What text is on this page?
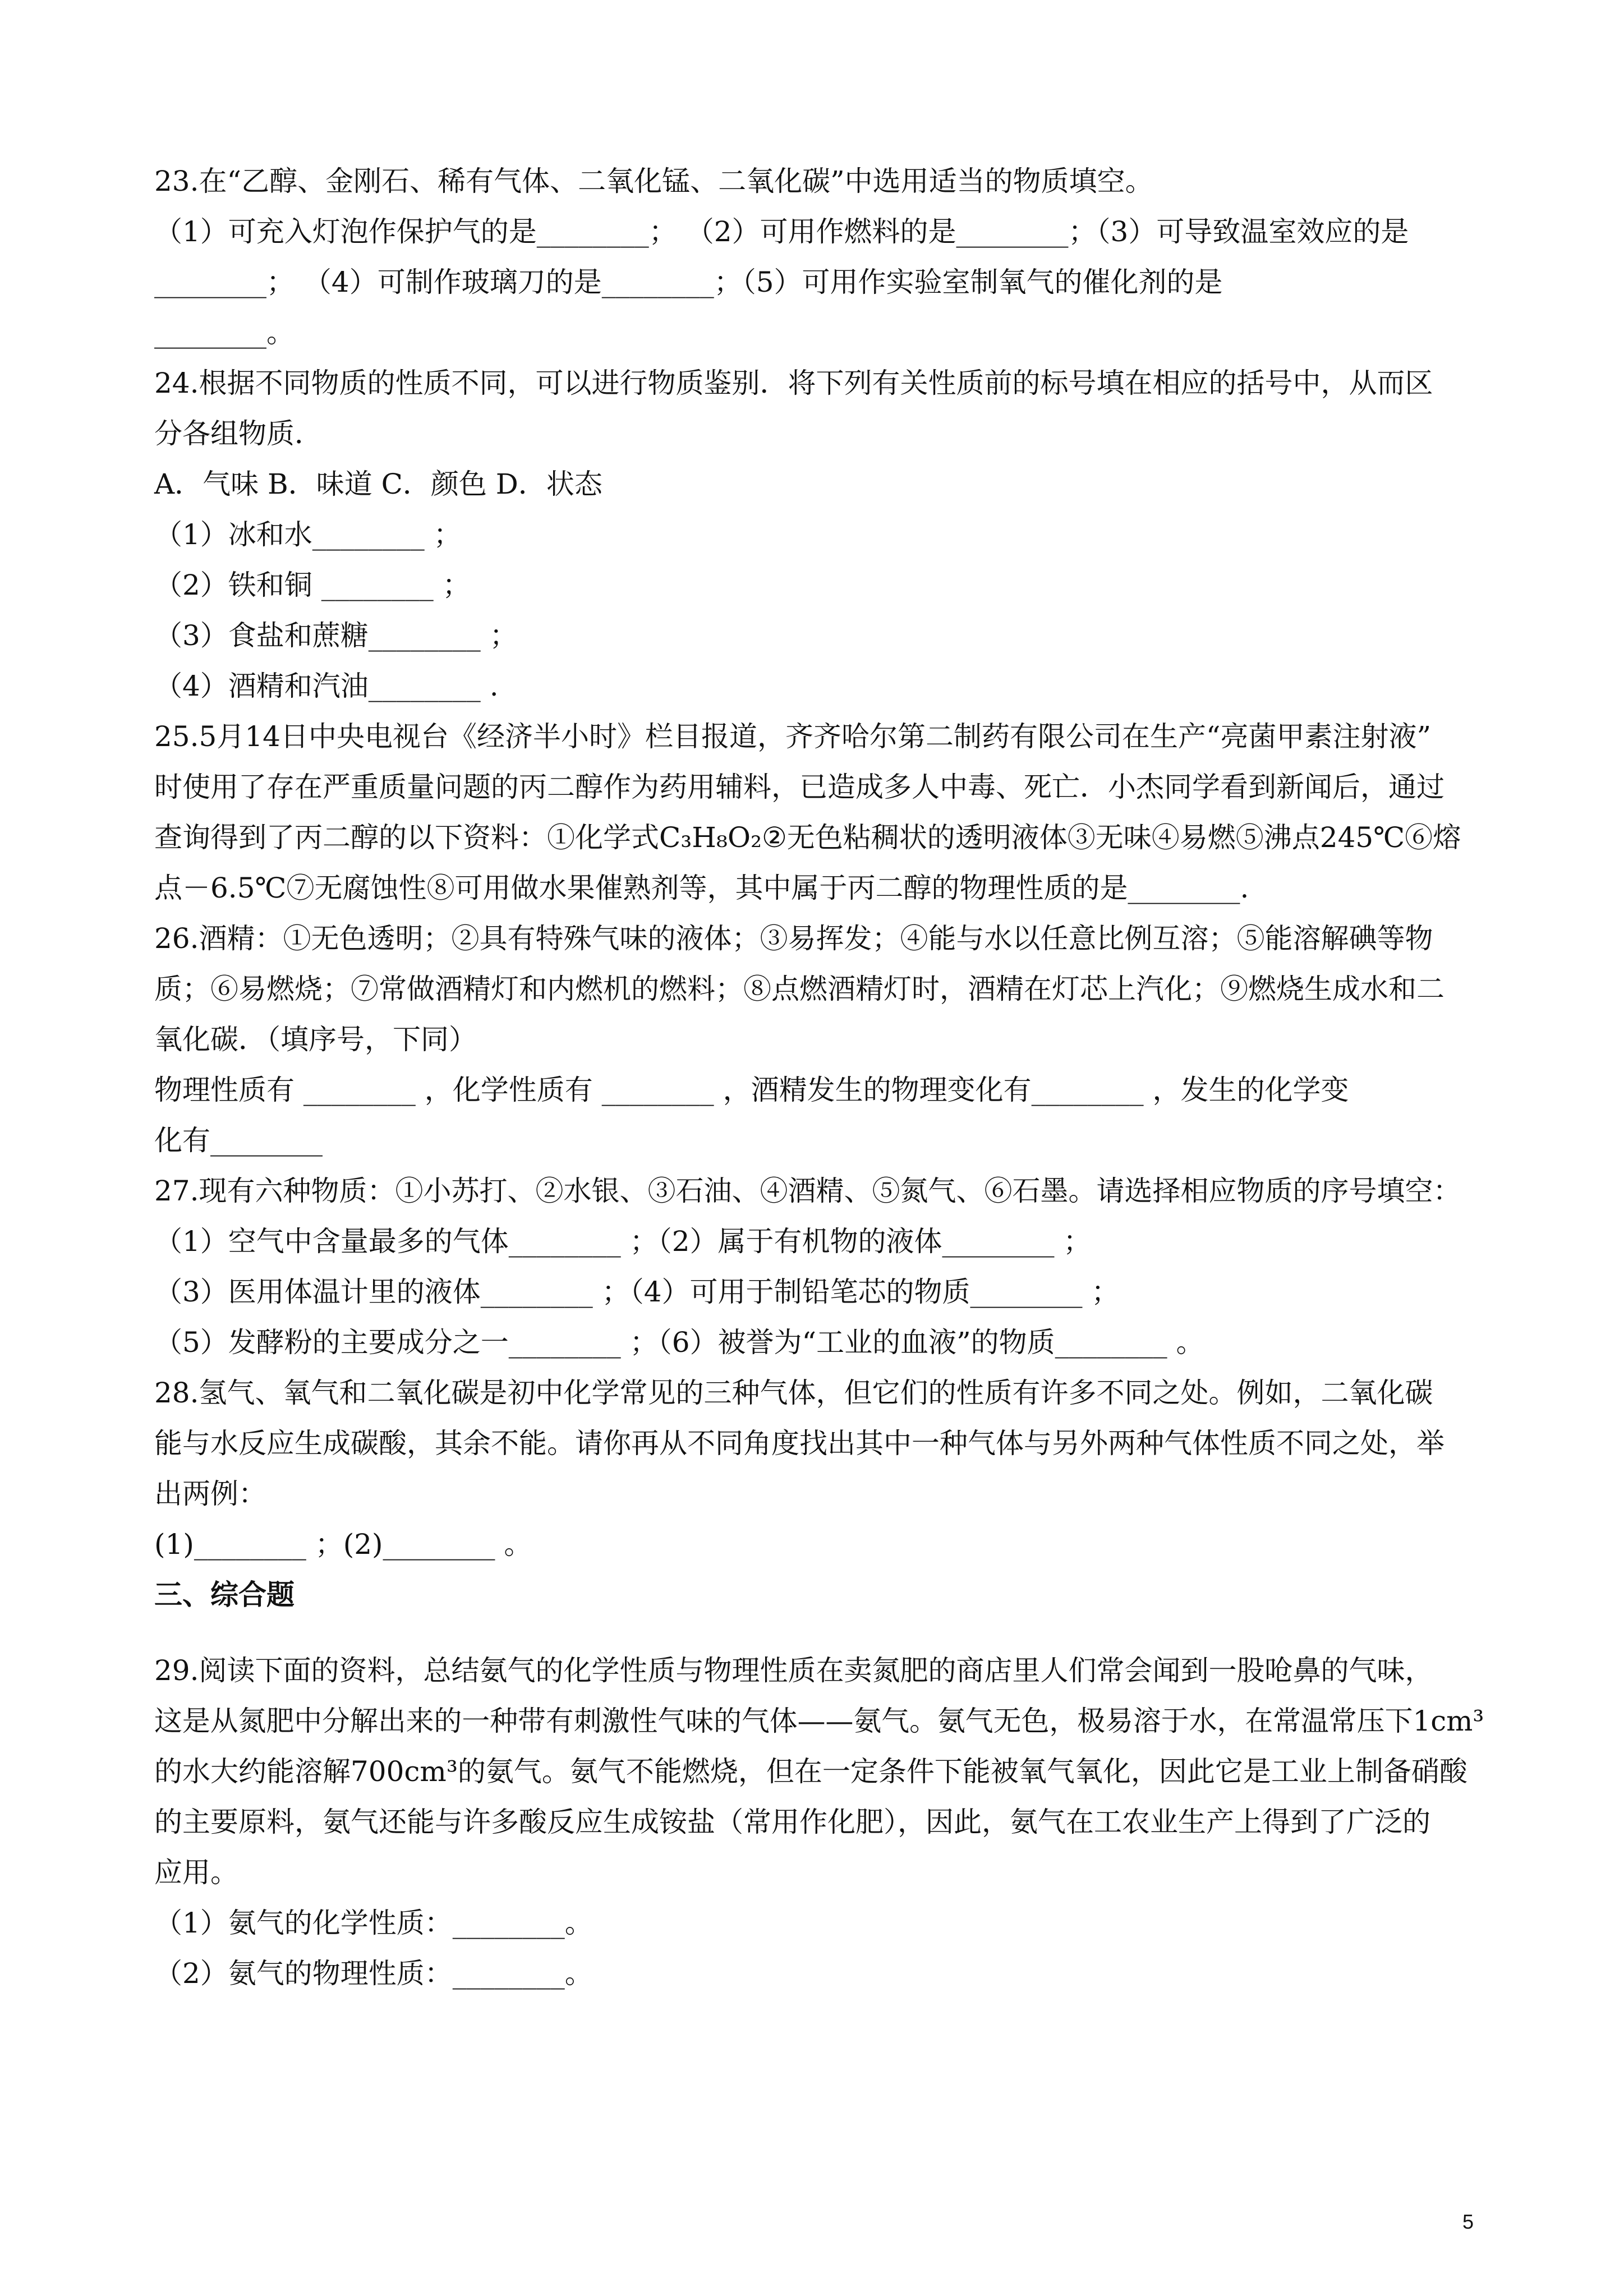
23.在“乙醇、金刚石、稀有气体、二氧化锰、二氧化碳”中选用适当的物质填空。
（1）可充入灯泡作保护气的是________； （2）可用作燃料的是________；（3）可导致温室效应的是
________； （4）可制作玻璃刀的是________；（5）可用作实验室制氧气的催化剂的是
________。
24.根据不同物质的性质不同，可以进行物质鉴别．将下列有关性质前的标号填在相应的括号中，从而区
分各组物质．
A．气味 B．味道 C．颜色 D．状态
（1）冰和水________ ；
（2）铁和铜 ________ ；
（3）食盐和蔗糖________ ；
（4）酒精和汽油________ .
25.5月14日中央电视台《经济半小时》栏目报道，齐齐哈尔第二制药有限公司在生产“亮菌甲素注射液”
时使用了存在严重质量问题的丙二醇作为药用辅料，已造成多人中毒、死亡．小杰同学看到新闻后，通过
查询得到了丙二醇的以下资料：①化学式C₃H₈O₂②无色粘稠状的透明液体③无味④易燃⑤沸点245℃⑥熔
点－6.5℃⑦无腐蚀性⑧可用做水果催熟剂等，其中属于丙二醇的物理性质的是________.
26.酒精：①无色透明；②具有特殊气味的液体；③易挥发；④能与水以任意比例互溶；⑤能溶解碘等物
质；⑥易燃烧；⑦常做酒精灯和内燃机的燃料；⑧点燃酒精灯时，酒精在灯芯上汽化；⑨燃烧生成水和二
氧化碳．（填序号，下同）
物理性质有 ________ ，化学性质有 ________ ，酒精发生的物理变化有________ ，发生的化学变
化有________
27.现有六种物质：①小苏打、②水银、③石油、④酒精、⑤氮气、⑥石墨。请选择相应物质的序号填空：
（1）空气中含量最多的气体________ ；（2）属于有机物的液体________ ；
（3）医用体温计里的液体________ ；（4）可用于制铅笔芯的物质________ ；
（5）发酵粉的主要成分之一________ ；（6）被誉为“工业的血液”的物质________ 。
28.氢气、氧气和二氧化碳是初中化学常见的三种气体，但它们的性质有许多不同之处。例如，二氧化碳
能与水反应生成碳酸，其余不能。请你再从不同角度找出其中一种气体与另外两种气体性质不同之处，举
出两例：
(1)________ ；(2)________ 。
三、综合题
29.阅读下面的资料，总结氨气的化学性质与物理性质在卖氮肥的商店里人们常会闻到一股呛鼻的气味，
这是从氮肥中分解出来的一种带有刺激性气味的气体——氨气。氨气无色，极易溶于水，在常温常压下1cm³
的水大约能溶解700cm³的氨气。氨气不能燃烧，但在一定条件下能被氧气氧化，因此它是工业上制备硝酸
的主要原料，氨气还能与许多酸反应生成铵盐（常用作化肥），因此，氨气在工农业生产上得到了广泛的
应用。
（1）氨气的化学性质：________。
（2）氨气的物理性质：________。
5
